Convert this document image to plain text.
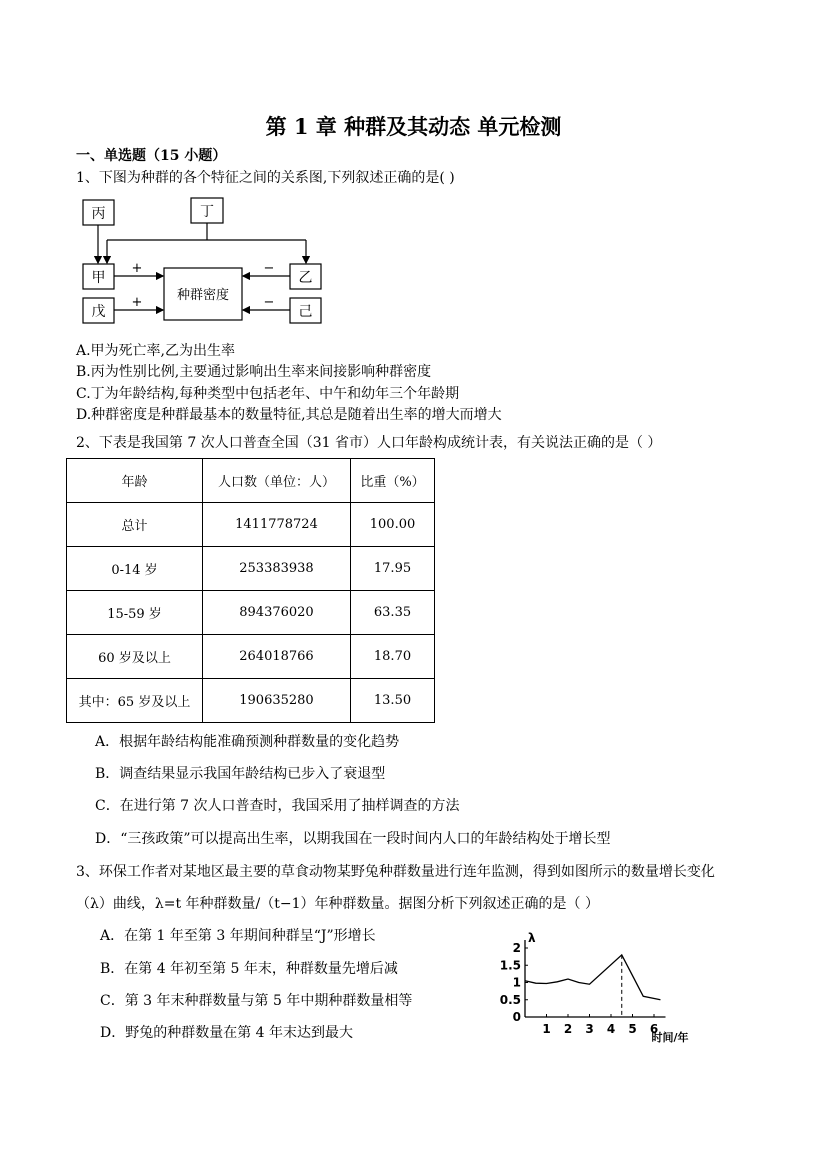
第 1 章 种群及其动态 单元检测
一、单选题（15 小题）
1、下图为种群的各个特征之间的关系图,下列叙述正确的是( )
丙	丁
甲
戊
乙
己
种群密度
+
+
−
−
A.甲为死亡率,乙为出生率
B.丙为性别比例,主要通过影响出生率来间接影响种群密度
C.丁为年龄结构,每种类型中包括老年、中午和幼年三个年龄期
D.种群密度是种群最基本的数量特征,其总是随着出生率的增大而增大
2、下表是我国第 7 次人口普查全国（31 省市）人口年龄构成统计表，有关说法正确的是（ ）
年龄	人口数（单位：人）	比重（%）
总计	1411778724	100.00
0-14 岁	253383938	17.95
15-59 岁	894376020	63.35
60 岁及以上	264018766	18.70
其中：65 岁及以上	190635280	13.50
A．根据年龄结构能准确预测种群数量的变化趋势
B．调查结果显示我国年龄结构已步入了衰退型
C．在进行第 7 次人口普查时，我国采用了抽样调查的方法
D．“三孩政策”可以提高出生率，以期我国在一段时间内人口的年龄结构处于增长型
3、环保工作者对某地区最主要的草食动物某野兔种群数量进行连年监测，得到如图所示的数量增长变化
（λ）曲线，λ=t 年种群数量/（t−1）年种群数量。据图分析下列叙述正确的是（ ）
A．在第 1 年至第 3 年期间种群呈“J”形增长
B．在第 4 年初至第 5 年末，种群数量先增后减
C．第 3 年末种群数量与第 5 年中期种群数量相等
D．野兔的种群数量在第 4 年末达到最大
λ
时间/年
2
1.5
1
0.5
0
1 2 3 4 5 6
